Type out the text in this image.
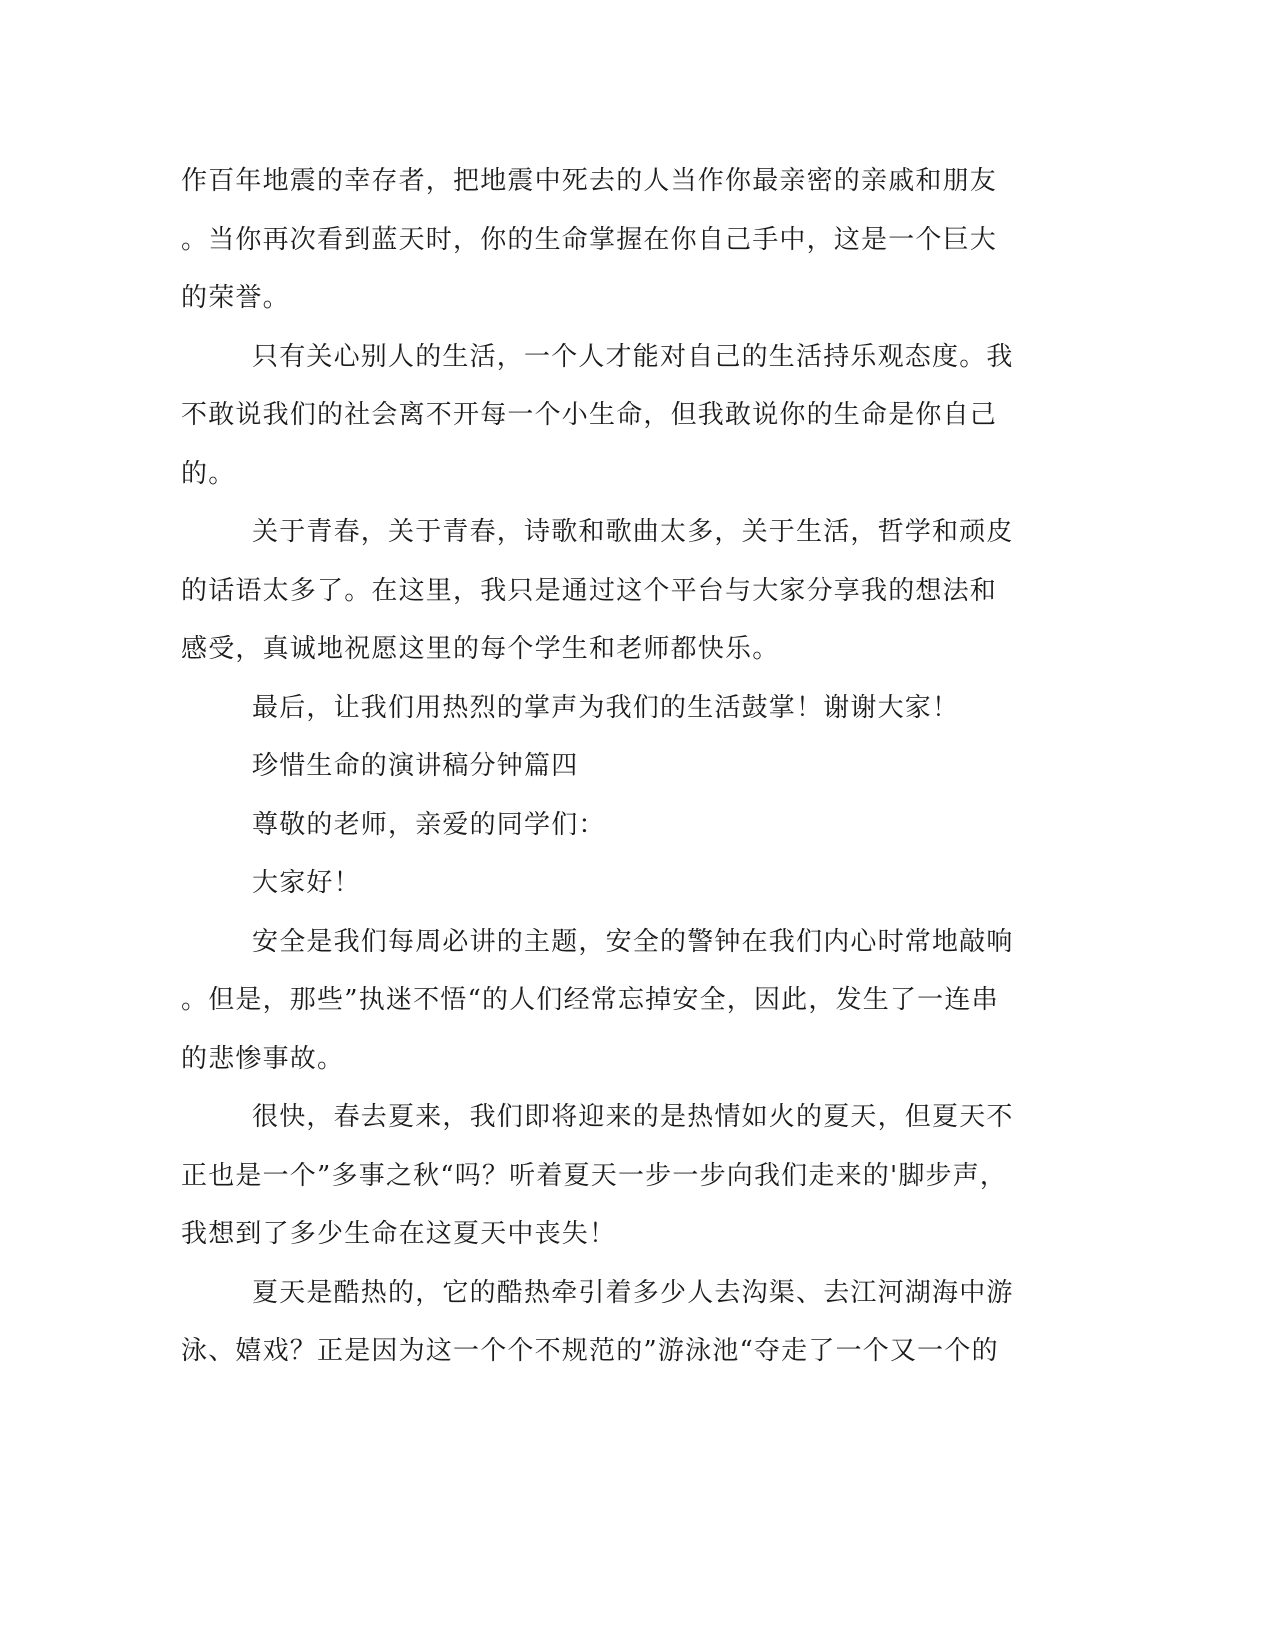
作百年地震的幸存者，把地震中死去的人当作你最亲密的亲戚和朋友
。当你再次看到蓝天时，你的生命掌握在你自己手中，这是一个巨大
的荣誉。
只有关心别人的生活，一个人才能对自己的生活持乐观态度。我
不敢说我们的社会离不开每一个小生命，但我敢说你的生命是你自己
的。
关于青春，关于青春，诗歌和歌曲太多，关于生活，哲学和顽皮
的话语太多了。在这里，我只是通过这个平台与大家分享我的想法和
感受，真诚地祝愿这里的每个学生和老师都快乐。
最后，让我们用热烈的掌声为我们的生活鼓掌！谢谢大家！
珍惜生命的演讲稿分钟篇四
尊敬的老师，亲爱的同学们：
大家好！
安全是我们每周必讲的主题，安全的警钟在我们内心时常地敲响
。但是，那些”执迷不悟“的人们经常忘掉安全，因此，发生了一连串
的悲惨事故。
很快，春去夏来，我们即将迎来的是热情如火的夏天，但夏天不
正也是一个”多事之秋“吗？听着夏天一步一步向我们走来的'脚步声，
我想到了多少生命在这夏天中丧失！
夏天是酷热的，它的酷热牵引着多少人去沟渠、去江河湖海中游
泳、嬉戏？正是因为这一个个不规范的”游泳池“夺走了一个又一个的
